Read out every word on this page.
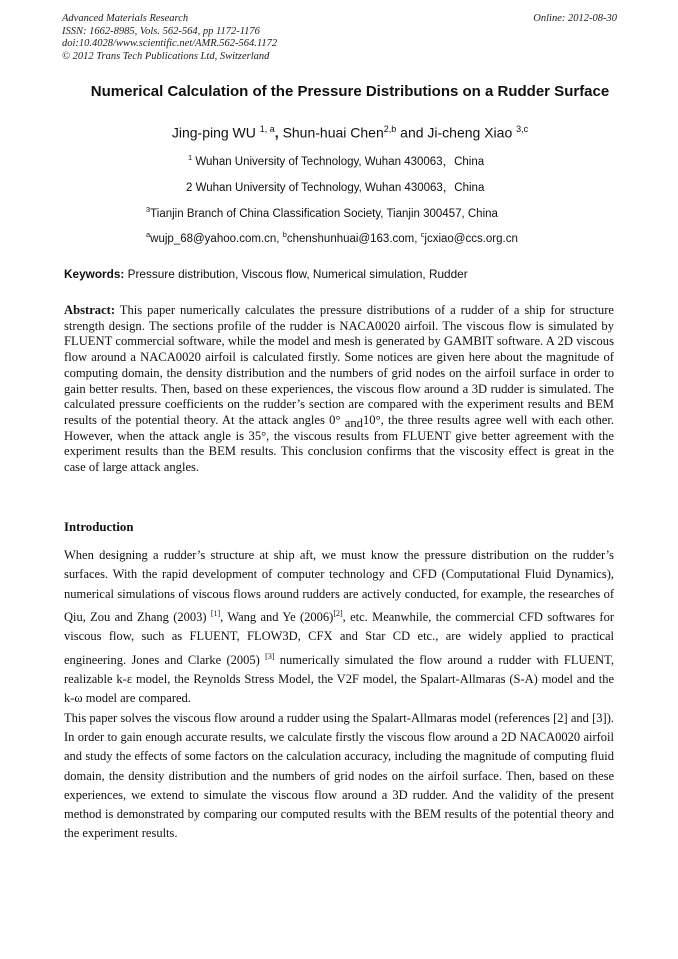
Advanced Materials Research
ISSN: 1662-8985, Vols. 562-564, pp 1172-1176
doi:10.4028/www.scientific.net/AMR.562-564.1172
© 2012 Trans Tech Publications Ltd, Switzerland
Online: 2012-08-30
Numerical Calculation of the Pressure Distributions on a Rudder Surface
Jing-ping WU $^{1, a}$, Shun-huai Chen$^{2,b}$ and Ji-cheng Xiao $^{3,c}$
$^1$ Wuhan University of Technology, Wuhan 430063，China
2 Wuhan University of Technology, Wuhan 430063，China
$^3$Tianjin Branch of China Classification Society, Tianjin 300457, China
$^a$wujp_68@yahoo.com.cn, $^b$chenshunhuai@163.com, $^c$jcxiao@ccs.org.cn
Keywords: Pressure distribution, Viscous flow, Numerical simulation, Rudder
Abstract: This paper numerically calculates the pressure distributions of a rudder of a ship for structure strength design. The sections profile of the rudder is NACA0020 airfoil. The viscous flow is simulated by FLUENT commercial software, while the model and mesh is generated by GAMBIT software. A 2D viscous flow around a NACA0020 airfoil is calculated firstly. Some notices are given here about the magnitude of computing domain, the density distribution and the numbers of grid nodes on the airfoil surface in order to gain better results. Then, based on these experiences, the viscous flow around a 3D rudder is simulated. The calculated pressure coefficients on the rudder’s section are compared with the experiment results and BEM results of the potential theory. At the attack angles 0° and10°, the three results agree well with each other. However, when the attack angle is 35°, the viscous results from FLUENT give better agreement with the experiment results than the BEM results. This conclusion confirms that the viscosity effect is great in the case of large attack angles.
Introduction

When designing a rudder’s structure at ship aft, we must know the pressure distribution on the rudder’s surfaces. With the rapid development of computer technology and CFD (Computational Fluid Dynamics), numerical simulations of viscous flows around rudders are actively conducted, for example, the researches of Qiu, Zou and Zhang (2003) [1], Wang and Ye (2006)[2], etc. Meanwhile, the commercial CFD softwares for viscous flow, such as FLUENT, FLOW3D, CFX and Star CD etc., are widely applied to practical engineering. Jones and Clarke (2005) [3] numerically simulated the flow around a rudder with FLUENT, realizable k-ε model, the Reynolds Stress Model, the V2F model, the Spalart-Allmaras (S-A) model and the k-ω model are compared.

This paper solves the viscous flow around a rudder using the Spalart-Allmaras model (references [2] and [3]). In order to gain enough accurate results, we calculate firstly the viscous flow around a 2D NACA0020 airfoil and study the effects of some factors on the calculation accuracy, including the magnitude of computing fluid domain, the density distribution and the numbers of grid nodes on the airfoil surface. Then, based on these experiences, we extend to simulate the viscous flow around a 3D rudder. And the validity of the present method is demonstrated by comparing our computed results with the BEM results of the potential theory and the experiment results.
